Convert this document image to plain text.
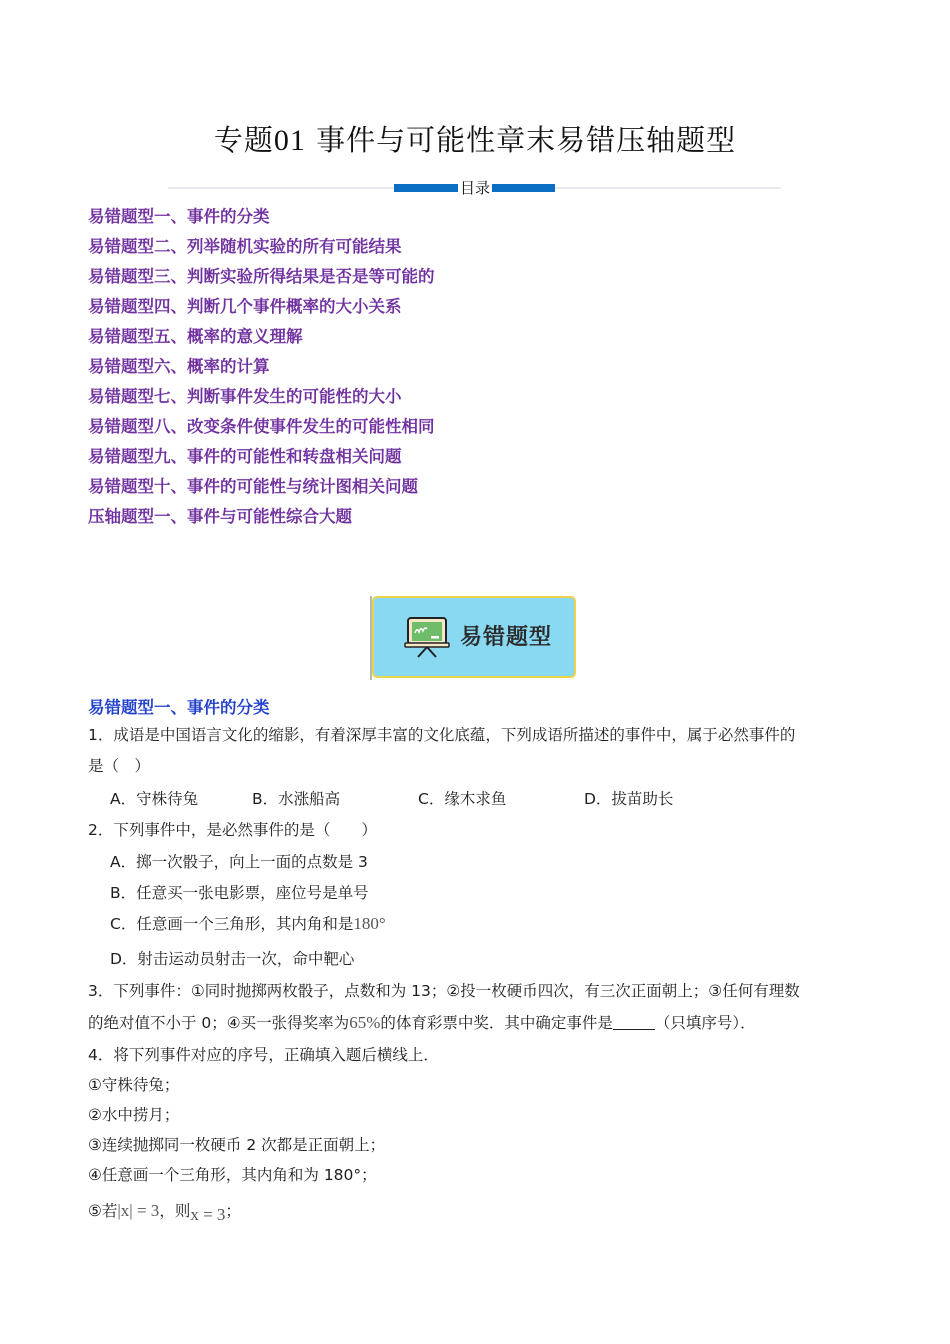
专题01 事件与可能性章末易错压轴题型
目录
易错题型一、事件的分类
易错题型二、列举随机实验的所有可能结果
易错题型三、判断实验所得结果是否是等可能的
易错题型四、判断几个事件概率的大小关系
易错题型五、概率的意义理解
易错题型六、概率的计算
易错题型七、判断事件发生的可能性的大小
易错题型八、改变条件使事件发生的可能性相同
易错题型九、事件的可能性和转盘相关问题
易错题型十、事件的可能性与统计图相关问题
压轴题型一、事件与可能性综合大题
易错题型
易错题型一、事件的分类
1．成语是中国语言文化的缩影，有着深厚丰富的文化底蕴，下列成语所描述的事件中，属于必然事件的
是（　）
A．守株待兔	B．水涨船高	C．缘木求鱼	D．拔苗助长
2．下列事件中，是必然事件的是（　　）
A．掷一次骰子，向上一面的点数是 3
B．任意买一张电影票，座位号是单号
C．任意画一个三角形，其内角和是180°
D．射击运动员射击一次，命中靶心
3．下列事件：①同时抛掷两枚骰子，点数和为 13；②投一枚硬币四次，有三次正面朝上；③任何有理数
的绝对值不小于 0；④买一张得奖率为65%的体育彩票中奖．其中确定事件是	（只填序号）．
4．将下列事件对应的序号，正确填入题后横线上．
①守株待兔；
②水中捞月；
③连续抛掷同一枚硬币 2 次都是正面朝上；
④任意画一个三角形，其内角和为 180°；
⑤若|x| = 3，则x = 3；
